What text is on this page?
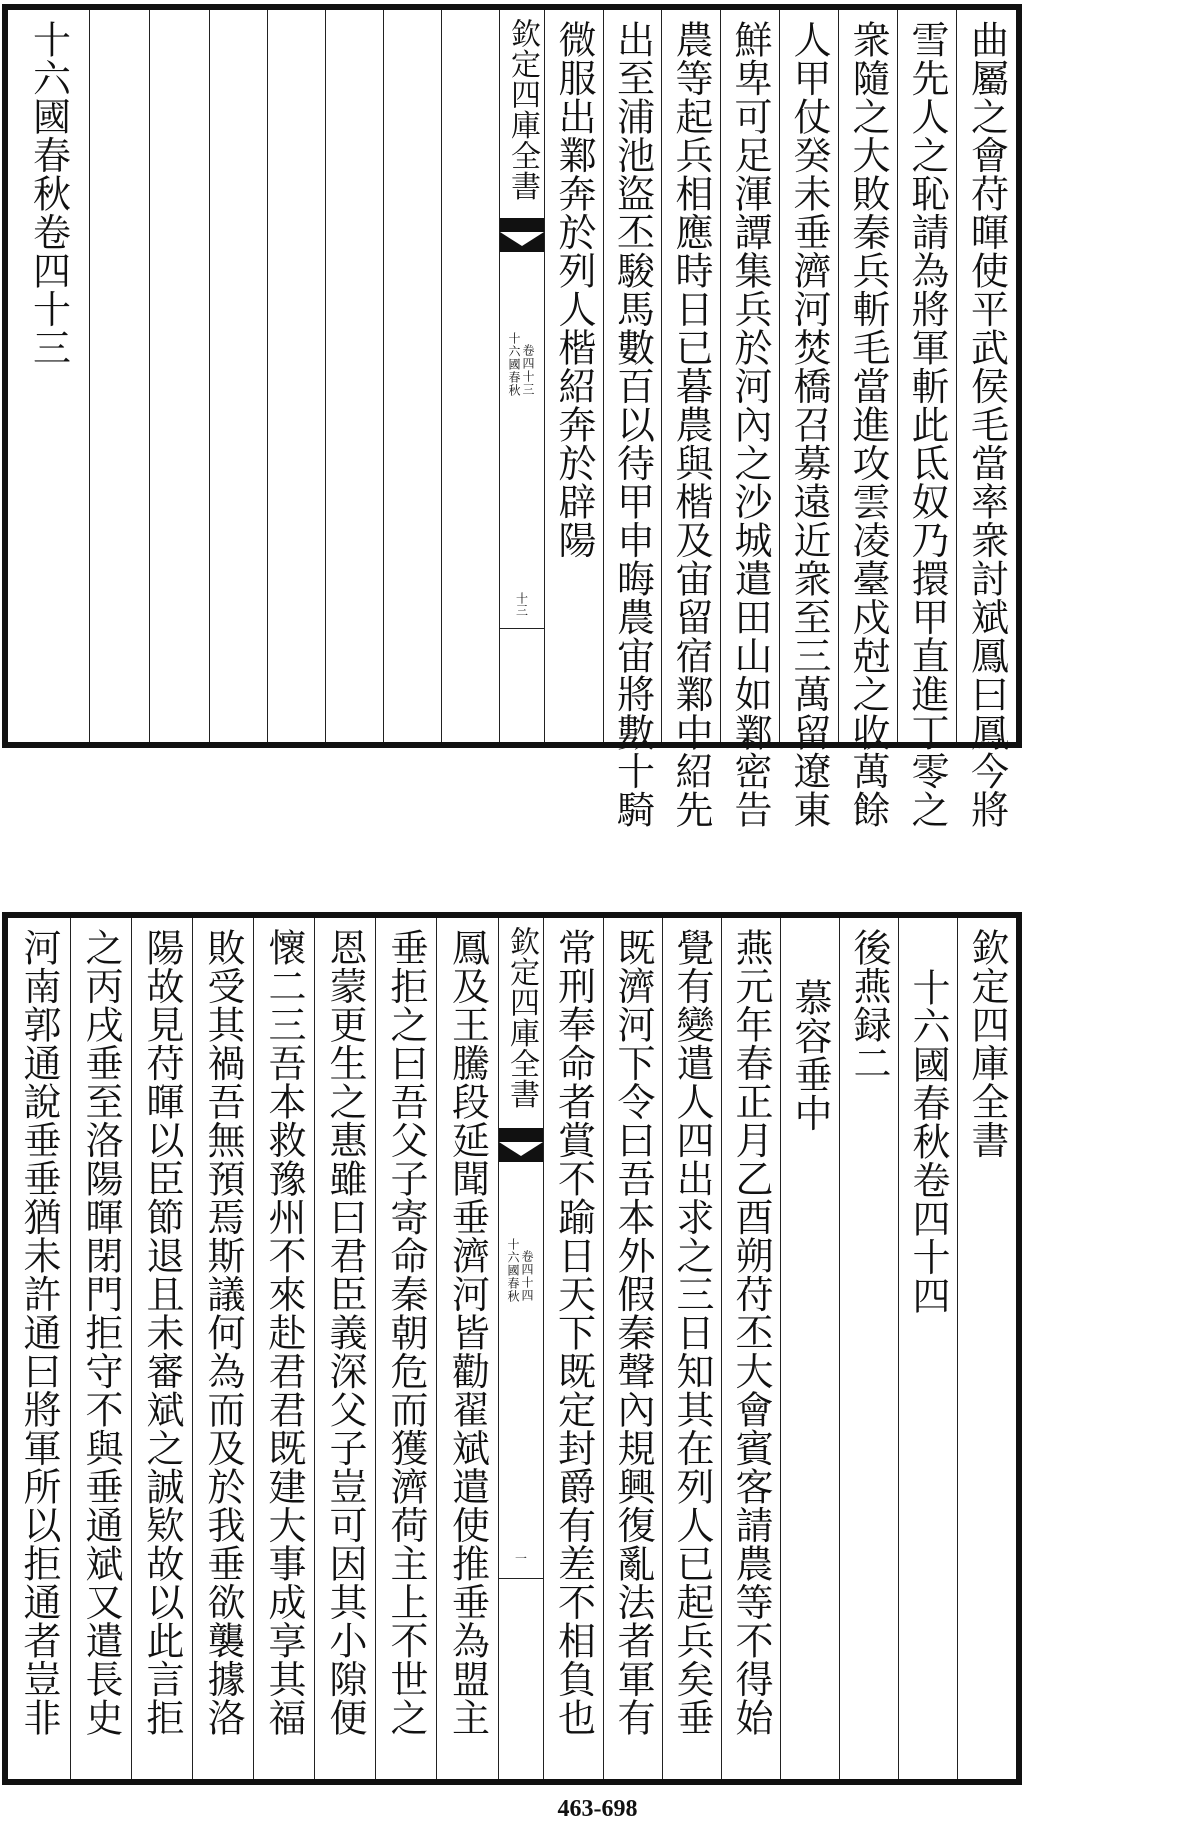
十六國春秋卷四十三	欽定四庫全書
十六國春秋 卷四十三
十三
微服出鄴奔於列人楷紹奔於辟陽 出至浦池盜丕駿馬數百以待甲申晦農宙將數十騎 農等起兵相應時日已暮農與楷及宙留宿鄴中紹先 鮮卑可足渾譚集兵於河內之沙城遣田山如鄴密告 人甲仗癸未垂濟河焚橋召募遠近衆至三萬留遼東 衆隨之大敗秦兵斬毛當進攻雲凌臺戍尅之收萬餘 雪先人之恥請為將軍斬此氐奴乃擐甲直進丁零之 曲屬之會苻暉使平武侯毛當率衆討斌鳳曰鳳今將
河南郭通說垂垂猶未許通曰將軍所以拒通者豈非 之丙戌垂至洛陽暉閉門拒守不與垂通斌又遣長史 陽故見苻暉以臣節退且未審斌之誠欵故以此言拒 敗受其禍吾無預焉斯議何為而及於我垂欲襲據洛 懷二三吾本救豫州不來赴君君既建大事成享其福 恩蒙更生之惠雖曰君臣義深父子豈可因其小隙便 垂拒之曰吾父子寄命秦朝危而獲濟荷主上不世之 鳳及王騰段延聞垂濟河皆勸翟斌遣使推垂為盟主 欽定四庫全書
十六國春秋 卷四十四
一 常刑奉命者賞不踰日天下既定封爵有差不相負也 既濟河下令曰吾本外假秦聲內規興復亂法者軍有 覺有變遣人四出求之三日知其在列人已起兵矣垂 燕元年春正月乙酉朔苻丕大會賓客請農等不得始 慕容垂中 後燕録二 十六國春秋卷四十四 欽定四庫全書
463-698
